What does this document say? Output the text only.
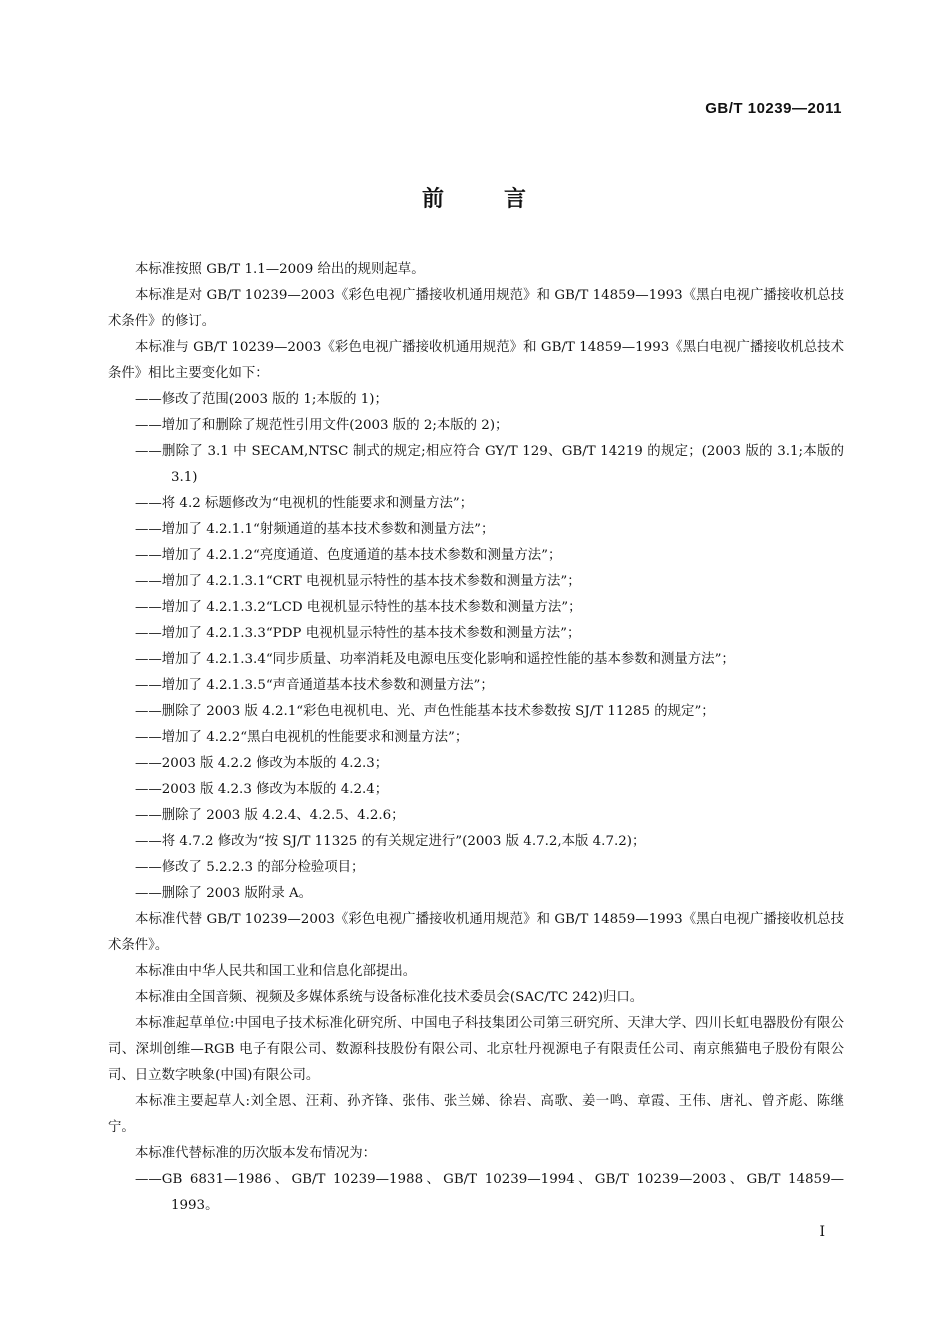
GB/T 10239—2011
前	言

本标准按照 GB/T 1.1—2009 给出的规则起草。

本标准是对 GB/T 10239—2003《彩色电视广播接收机通用规范》和 GB/T 14859—1993《黑白电视广播接收机总技术条件》的修订。

本标准与 GB/T 10239—2003《彩色电视广播接收机通用规范》和 GB/T 14859—1993《黑白电视广播接收机总技术条件》相比主要变化如下：

——修改了范围(2003 版的 1;本版的 1)；

——增加了和删除了规范性引用文件(2003 版的 2;本版的 2)；

——删除了 3.1 中 SECAM,NTSC 制式的规定;相应符合 GY/T 129、GB/T 14219 的规定；(2003 版的 3.1;本版的 3.1)

——将 4.2 标题修改为“电视机的性能要求和测量方法”；

——增加了 4.2.1.1“射频通道的基本技术参数和测量方法”；

——增加了 4.2.1.2“亮度通道、色度通道的基本技术参数和测量方法”；

——增加了 4.2.1.3.1“CRT 电视机显示特性的基本技术参数和测量方法”；

——增加了 4.2.1.3.2“LCD 电视机显示特性的基本技术参数和测量方法”；

——增加了 4.2.1.3.3“PDP 电视机显示特性的基本技术参数和测量方法”；

——增加了 4.2.1.3.4“同步质量、功率消耗及电源电压变化影响和遥控性能的基本参数和测量方法”；

——增加了 4.2.1.3.5“声音通道基本技术参数和测量方法”；

——删除了 2003 版 4.2.1“彩色电视机电、光、声色性能基本技术参数按 SJ/T 11285 的规定”；

——增加了 4.2.2“黑白电视机的性能要求和测量方法”；

——2003 版 4.2.2 修改为本版的 4.2.3；

——2003 版 4.2.3 修改为本版的 4.2.4；

——删除了 2003 版 4.2.4、4.2.5、4.2.6；

——将 4.7.2 修改为“按 SJ/T 11325 的有关规定进行”(2003 版 4.7.2,本版 4.7.2)；

——修改了 5.2.2.3 的部分检验项目；

——删除了 2003 版附录 A。

本标准代替 GB/T 10239—2003《彩色电视广播接收机通用规范》和 GB/T 14859—1993《黑白电视广播接收机总技术条件》。

本标准由中华人民共和国工业和信息化部提出。

本标准由全国音频、视频及多媒体系统与设备标准化技术委员会(SAC/TC 242)归口。

本标准起草单位:中国电子技术标准化研究所、中国电子科技集团公司第三研究所、天津大学、四川长虹电器股份有限公司、深圳创维—RGB 电子有限公司、数源科技股份有限公司、北京牡丹视源电子有限责任公司、南京熊猫电子股份有限公司、日立数字映象(中国)有限公司。

本标准主要起草人:刘全恩、汪莉、孙齐锋、张伟、张兰娣、徐岩、高歌、姜一鸣、章霞、王伟、唐礼、曾齐彪、陈继宁。

本标准代替标准的历次版本发布情况为：

——GB 6831—1986、GB/T 10239—1988、GB/T 10239—1994、GB/T 10239—2003、GB/T 14859—1993。

I
